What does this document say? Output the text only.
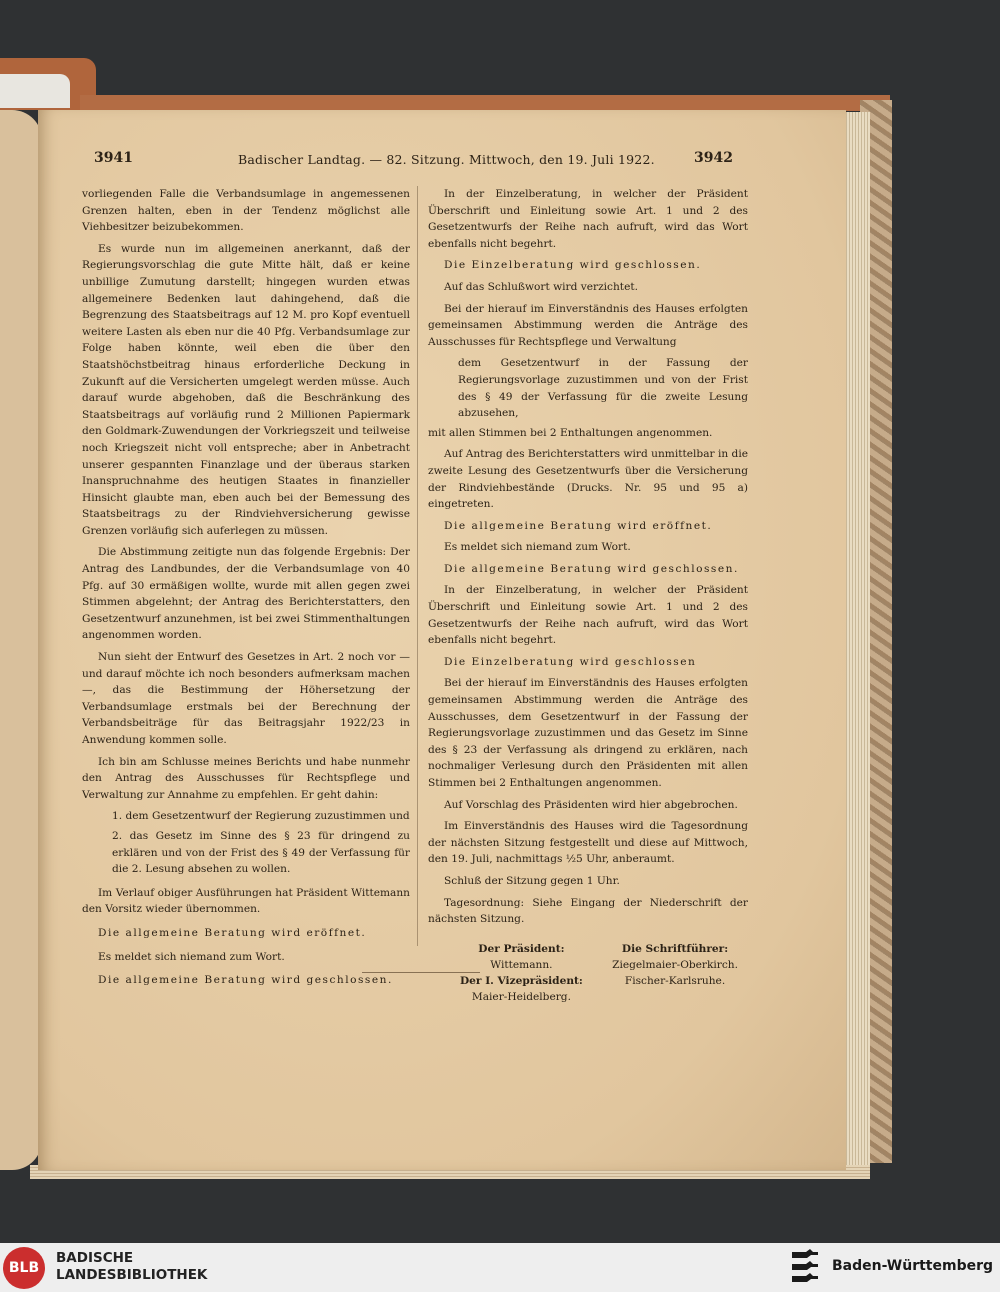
3941	Badischer Landtag. — 82. Sitzung. Mittwoch, den 19. Juli 1922.	3942

vorliegenden Falle die Verbandsumlage in angemessenen Grenzen halten, eben in der Tendenz möglichst alle Viehbesitzer beizubekommen.

Es wurde nun im allgemeinen anerkannt, daß der Regierungsvorschlag die gute Mitte hält, daß er keine unbillige Zumutung darstellt; hingegen wurden etwas allgemeinere Bedenken laut dahingehend, daß die Begrenzung des Staatsbeitrags auf 12 M. pro Kopf eventuell weitere Lasten als eben nur die 40 Pfg. Verbandsumlage zur Folge haben könnte, weil eben die über den Staatshöchstbeitrag hinaus erforderliche Deckung in Zukunft auf die Versicherten umgelegt werden müsse. Auch darauf wurde abgehoben, daß die Beschränkung des Staatsbeitrags auf vorläufig rund 2 Millionen Papiermark den Goldmark-Zuwendungen der Vorkriegszeit und teilweise noch Kriegszeit nicht voll entspreche; aber in Anbetracht unserer gespannten Finanzlage und der überaus starken Inanspruchnahme des heutigen Staates in finanzieller Hinsicht glaubte man, eben auch bei der Bemessung des Staatsbeitrags zu der Rindviehversicherung gewisse Grenzen vorläufig sich auferlegen zu müssen.

Die Abstimmung zeitigte nun das folgende Ergebnis: Der Antrag des Landbundes, der die Verbandsumlage von 40 Pfg. auf 30 ermäßigen wollte, wurde mit allen gegen zwei Stimmen abgelehnt; der Antrag des Berichterstatters, den Gesetzentwurf anzunehmen, ist bei zwei Stimmenthaltungen angenommen worden.

Nun sieht der Entwurf des Gesetzes in Art. 2 noch vor — und darauf möchte ich noch besonders aufmerksam machen —, das die Bestimmung der Höhersetzung der Verbandsumlage erstmals bei der Berechnung der Verbandsbeiträge für das Beitragsjahr 1922/23 in Anwendung kommen solle.

Ich bin am Schlusse meines Berichts und habe nunmehr den Antrag des Ausschusses für Rechtspflege und Verwaltung zur Annahme zu empfehlen. Er geht dahin:

1. dem Gesetzentwurf der Regierung zuzustimmen und

2. das Gesetz im Sinne des § 23 für dringend zu erklären und von der Frist des § 49 der Verfassung für die 2. Lesung absehen zu wollen.

Im Verlauf obiger Ausführungen hat Präsident Wittemann den Vorsitz wieder übernommen.

Die allgemeine Beratung wird eröffnet.

Es meldet sich niemand zum Wort.

Die allgemeine Beratung wird geschlossen.

In der Einzelberatung, in welcher der Präsident Überschrift und Einleitung sowie Art. 1 und 2 des Gesetzentwurfs der Reihe nach aufruft, wird das Wort ebenfalls nicht begehrt.

Die Einzelberatung wird geschlossen.

Auf das Schlußwort wird verzichtet.

Bei der hierauf im Einverständnis des Hauses erfolgten gemeinsamen Abstimmung werden die Anträge des Ausschusses für Rechtspflege und Verwaltung

dem Gesetzentwurf in der Fassung der Regierungsvorlage zuzustimmen und von der Frist des § 49 der Verfassung für die zweite Lesung abzusehen,

mit allen Stimmen bei 2 Enthaltungen angenommen.

Auf Antrag des Berichterstatters wird unmittelbar in die zweite Lesung des Gesetzentwurfs über die Versicherung der Rindviehbestände (Drucks. Nr. 95 und 95 a) eingetreten.

Die allgemeine Beratung wird eröffnet.

Es meldet sich niemand zum Wort.

Die allgemeine Beratung wird geschlossen.

In der Einzelberatung, in welcher der Präsident Überschrift und Einleitung sowie Art. 1 und 2 des Gesetzentwurfs der Reihe nach aufruft, wird das Wort ebenfalls nicht begehrt.

Die Einzelberatung wird geschlossen

Bei der hierauf im Einverständnis des Hauses erfolgten gemeinsamen Abstimmung werden die Anträge des Ausschusses, dem Gesetzentwurf in der Fassung der Regierungsvorlage zuzustimmen und das Gesetz im Sinne des § 23 der Verfassung als dringend zu erklären, nach nochmaliger Verlesung durch den Präsidenten mit allen Stimmen bei 2 Enthaltungen angenommen.

Auf Vorschlag des Präsidenten wird hier abgebrochen.

Im Einverständnis des Hauses wird die Tagesordnung der nächsten Sitzung festgestellt und diese auf Mittwoch, den 19. Juli, nachmittags ½5 Uhr, anberaumt.

Schluß der Sitzung gegen 1 Uhr.

Tagesordnung: Siehe Eingang der Niederschrift der nächsten Sitzung.

Der Präsident:
Wittemann.
Der I. Vizepräsident:
Maier-Heidelberg.
Die Schriftführer:
Ziegelmaier-Oberkirch.
Fischer-Karlsruhe.
BLB
BADISCHE
LANDESBIBLIOTHEK
Baden-Württemberg
